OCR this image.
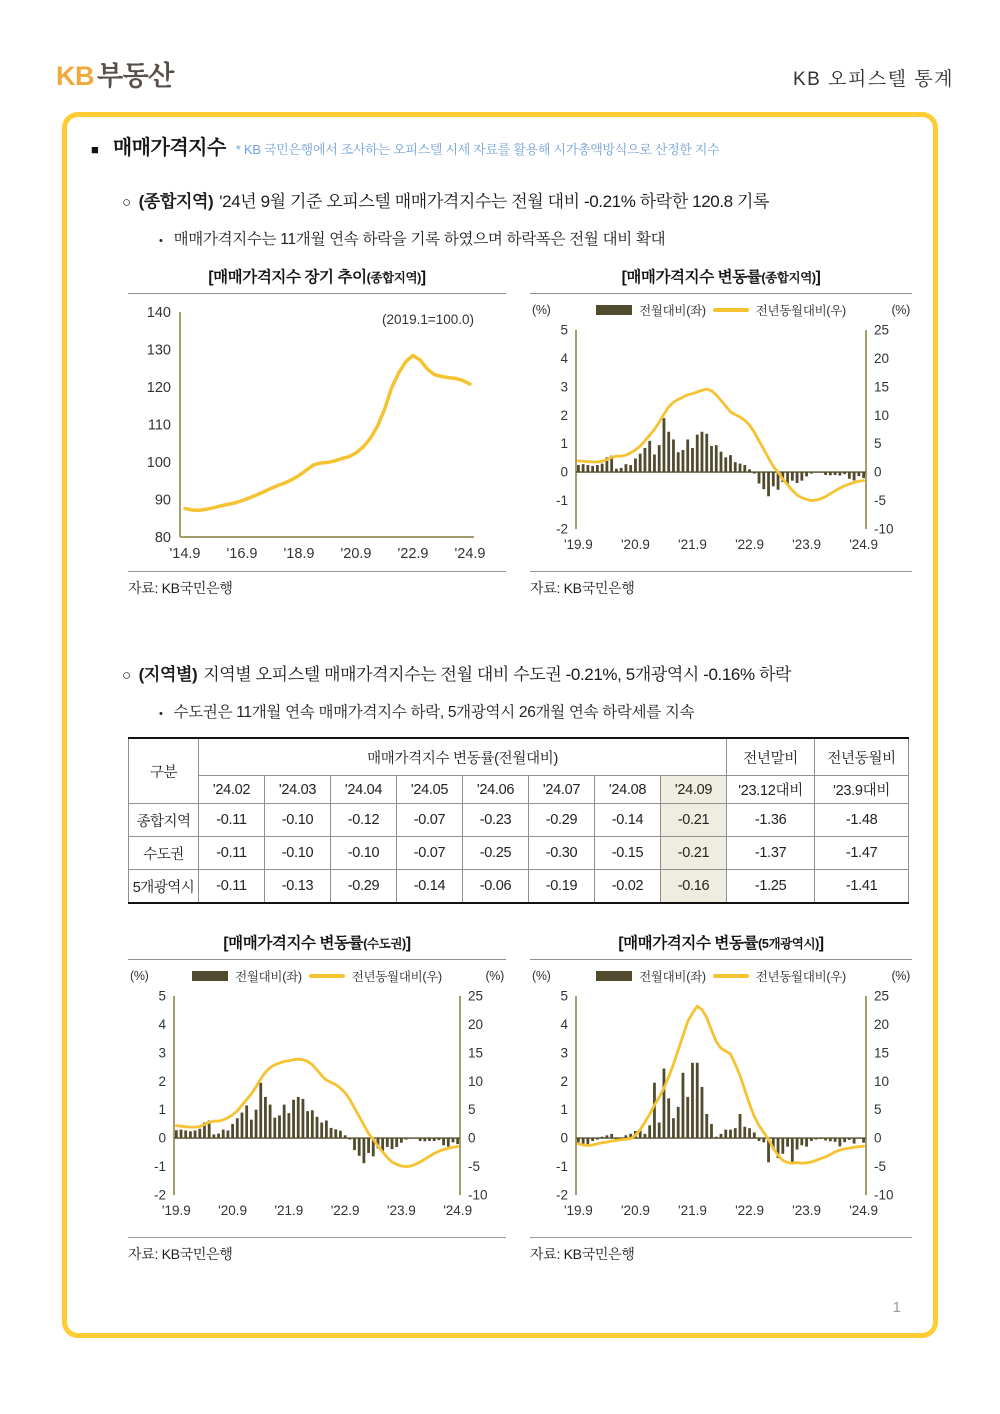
KB 부동산	KB 오피스텔 통계
■ 매매가격지수 * KB 국민은행에서 조사하는 오피스텔 시세 자료를 활용해 시가총액방식으로 산정한 지수
○ (종합지역) '24년 9월 기준 오피스텔 매매가격지수는 전월 대비 -0.21% 하락한 120.8 기록
• 매매가격지수는 11개월 연속 하락을 기록 하였으며 하락폭은 전월 대비 확대
[매매가격지수 장기 추이(종합지역)]
140
130
120
110
100
90
80
'14.9 '16.9 '18.9 '20.9 '22.9 '24.9
(2019.1=100.0)
자료: KB국민은행
[매매가격지수 변동률(종합지역)]
(%)	전월대비(좌)	전년동월대비(우)	(%)
5
4
3
2
1
0
-1
-2
25
20
15
10
5
0
-5
-10
'19.9 '20.9 '21.9 '22.9 '23.9 '24.9
자료: KB국민은행
○ (지역별) 지역별 오피스텔 매매가격지수는 전월 대비 수도권 -0.21%, 5개광역시 -0.16% 하락
• 수도권은 11개월 연속 매매가격지수 하락, 5개광역시 26개월 연속 하락세를 지속
구분	매매가격지수 변동률(전월대비)								전년말비	전년동월비
	'24.02	'24.03	'24.04	'24.05	'24.06	'24.07	'24.08	'24.09	'23.12대비	'23.9대비
종합지역	-0.11	-0.10	-0.12	-0.07	-0.23	-0.29	-0.14	-0.21	-1.36	-1.48
수도권	-0.11	-0.10	-0.10	-0.07	-0.25	-0.30	-0.15	-0.21	-1.37	-1.47
5개광역시	-0.11	-0.13	-0.29	-0.14	-0.06	-0.19	-0.02	-0.16	-1.25	-1.41
[매매가격지수 변동률(수도권)]
(%)	전월대비(좌)	전년동월대비(우)	(%)
5
4
3
2
1
0
-1
-2
25
20
15
10
5
0
-5
-10
'19.9 '20.9 '21.9 '22.9 '23.9 '24.9
자료: KB국민은행
[매매가격지수 변동률(5개광역시)]
(%)	전월대비(좌)	전년동월대비(우)	(%)
5
4
3
2
1
0
-1
-2
25
20
15
10
5
0
-5
-10
'19.9 '20.9 '21.9 '22.9 '23.9 '24.9
자료: KB국민은행
1
